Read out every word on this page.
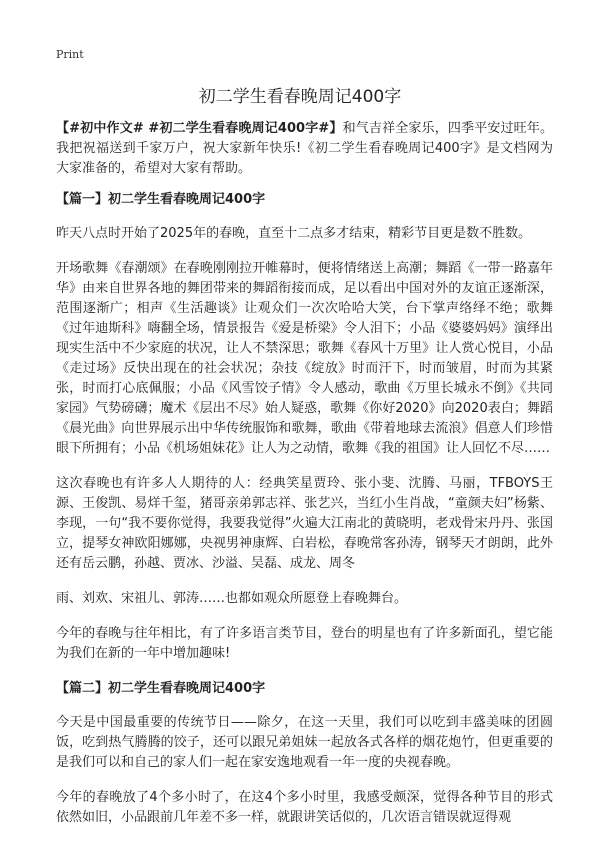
Print
初二学生看春晚周记400字

【#初中作文# #初二学生看春晚周记400字#】和气吉祥全家乐，四季平安过旺年。我把祝福送到千家万户，祝大家新年快乐!《初二学生看春晚周记400字》是文档网为大家准备的，希望对大家有帮助。

【篇一】初二学生看春晚周记400字

昨天八点时开始了2025年的春晚，直至十二点多才结束，精彩节目更是数不胜数。

开场歌舞《春潮颂》在春晚刚刚拉开帷幕时，便将情绪送上高潮；舞蹈《一带一路嘉年华》由来自世界各地的舞团带来的舞蹈衔接而成，足以看出中国对外的友谊正逐渐深，范围逐渐广；相声《生活趣谈》让观众们一次次哈哈大笑，台下掌声络绎不绝；歌舞《过年迪斯科》嗨翻全场，情景报告《爱是桥梁》令人泪下；小品《婆婆妈妈》演绎出现实生活中不少家庭的状况，让人不禁深思；歌舞《春风十万里》让人赏心悦目，小品《走过场》反快出现在的社会状况；杂技《绽放》时而汗下，时而皱眉，时而为其紧张，时而打心底佩服；小品《风雪饺子情》令人感动，歌曲《万里长城永不倒》《共同家园》气势磅礴；魔术《层出不尽》始人疑惑，歌舞《你好2020》向2020表白；舞蹈《晨光曲》向世界展示出中华传统服饰和歌舞，歌曲《带着地球去流浪》倡意人们珍惜眼下所拥有；小品《机场姐妹花》让人为之动情，歌舞《我的祖国》让人回忆不尽……

这次春晚也有许多人人期待的人：经典笑星贾玲、张小斐、沈腾、马丽，TFBOYS王源、王俊凯、易烊千玺，猪哥亲弟郭志祥、张艺兴，当红小生肖战，“童颜夫妇”杨紫、李现，一句“我不要你觉得，我要我觉得”火遍大江南北的黄晓明，老戏骨宋丹丹、张国立，提琴女神欧阳娜娜，央视男神康辉、白岩松，春晚常客孙涛，钢琴天才朗朗，此外还有岳云鹏，孙越、贾冰、沙溢、吴磊、成龙、周冬

雨、刘欢、宋祖儿、郭涛……也都如观众所愿登上春晚舞台。

今年的春晚与往年相比，有了许多语言类节目，登台的明星也有了许多新面孔，望它能为我们在新的一年中增加趣味!

【篇二】初二学生看春晚周记400字

今天是中国最重要的传统节日——除夕，在这一天里，我们可以吃到丰盛美味的团圆饭，吃到热气腾腾的饺子，还可以跟兄弟姐妹一起放各式各样的烟花炮竹，但更重要的是我们可以和自己的家人们一起在家安逸地观看一年一度的央视春晚。

今年的春晚放了4个多小时了，在这4个多小时里，我感受颇深，觉得各种节目的形式依然如旧，小品跟前几年差不多一样，就跟讲笑话似的，几次语言错误就逗得观
